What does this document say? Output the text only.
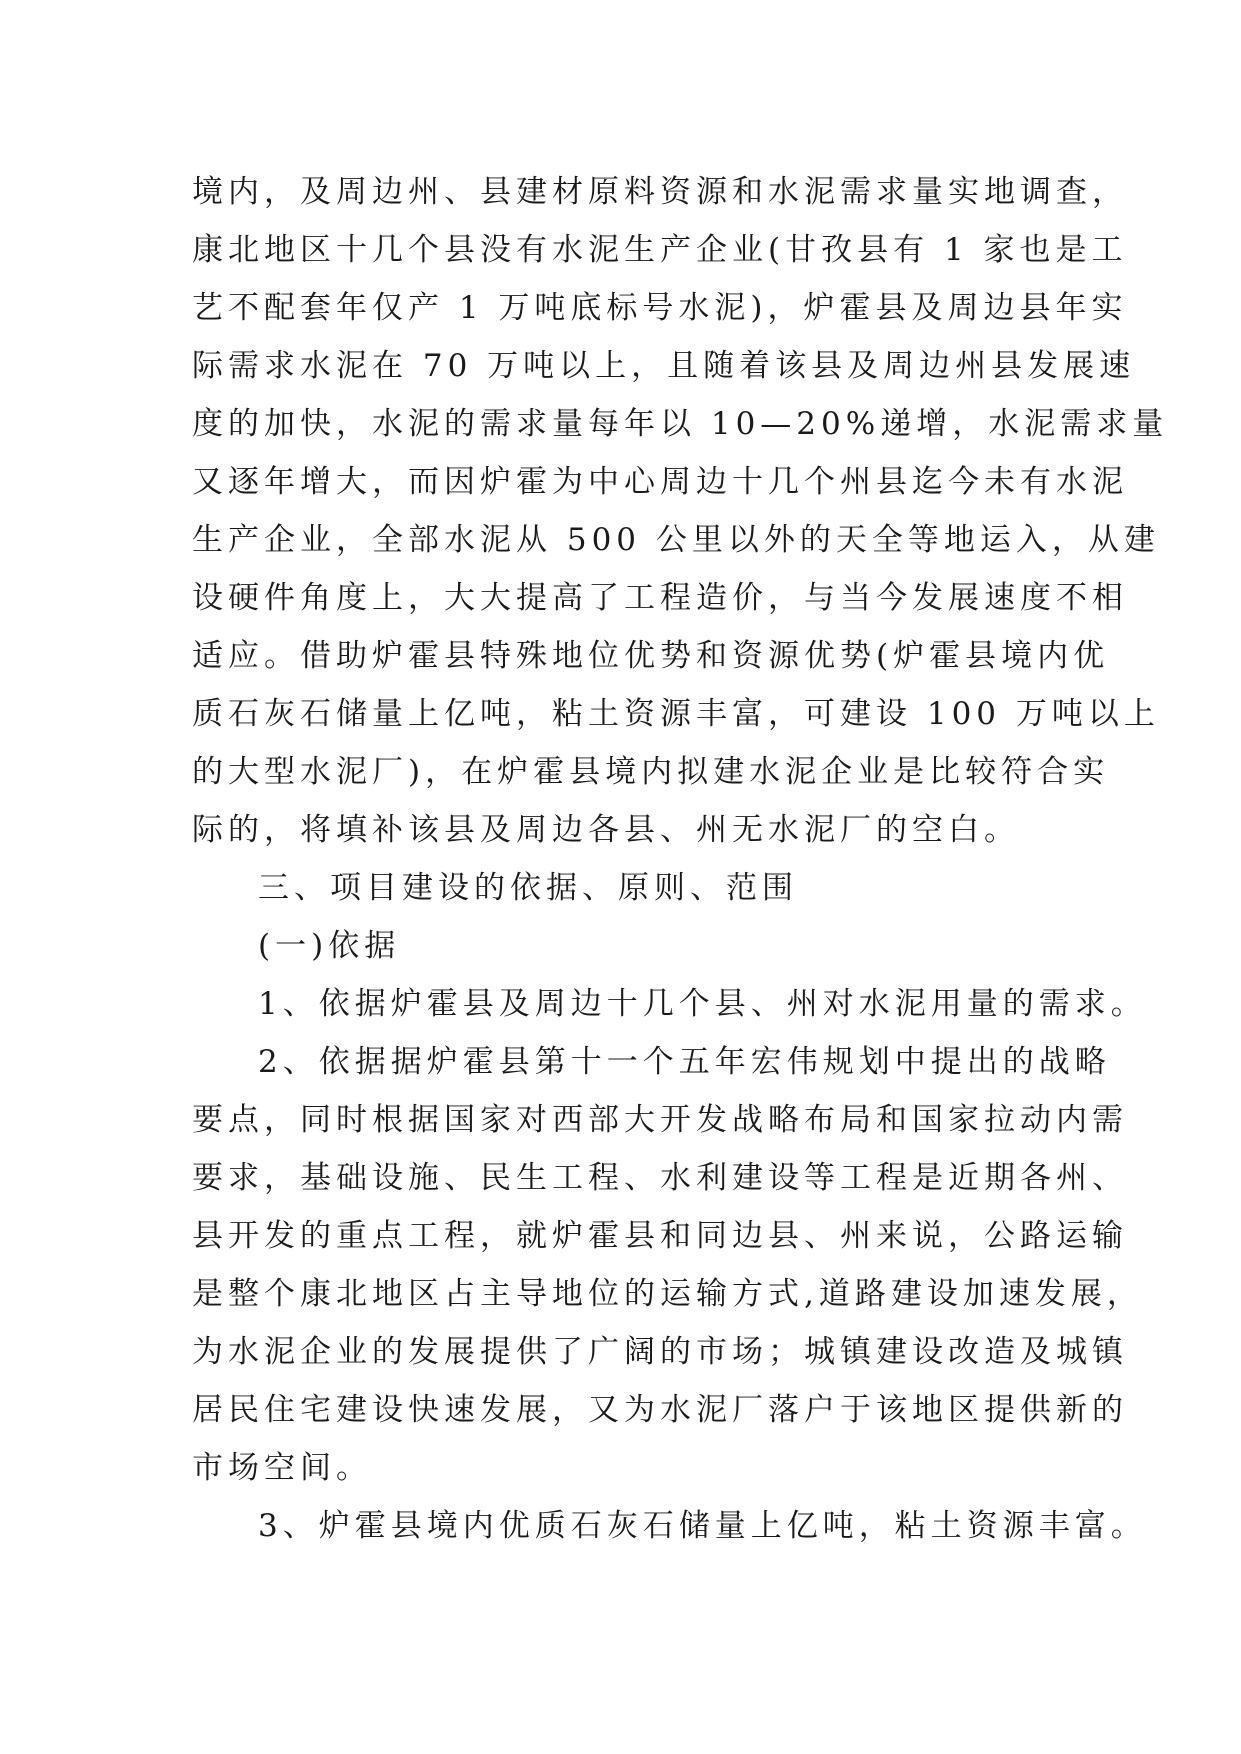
境内，及周边州、县建材原料资源和水泥需求量实地调查，
康北地区十几个县没有水泥生产企业(甘孜县有 1 家也是工
艺不配套年仅产 1 万吨底标号水泥)，炉霍县及周边县年实
际需求水泥在 70 万吨以上，且随着该县及周边州县发展速
度的加快，水泥的需求量每年以 10—20%递增，水泥需求量
又逐年增大，而因炉霍为中心周边十几个州县迄今未有水泥
生产企业，全部水泥从 500 公里以外的天全等地运入，从建
设硬件角度上，大大提高了工程造价，与当今发展速度不相
适应。借助炉霍县特殊地位优势和资源优势(炉霍县境内优
质石灰石储量上亿吨，粘土资源丰富，可建设 100 万吨以上
的大型水泥厂)，在炉霍县境内拟建水泥企业是比较符合实
际的，将填补该县及周边各县、州无水泥厂的空白。
三、项目建设的依据、原则、范围
(一)依据
1、依据炉霍县及周边十几个县、州对水泥用量的需求。
2、依据据炉霍县第十一个五年宏伟规划中提出的战略
要点，同时根据国家对西部大开发战略布局和国家拉动内需
要求，基础设施、民生工程、水利建设等工程是近期各州、
县开发的重点工程，就炉霍县和同边县、州来说，公路运输
是整个康北地区占主导地位的运输方式,道路建设加速发展，
为水泥企业的发展提供了广阔的市场；城镇建设改造及城镇
居民住宅建设快速发展，又为水泥厂落户于该地区提供新的
市场空间。
3、炉霍县境内优质石灰石储量上亿吨，粘土资源丰富。
